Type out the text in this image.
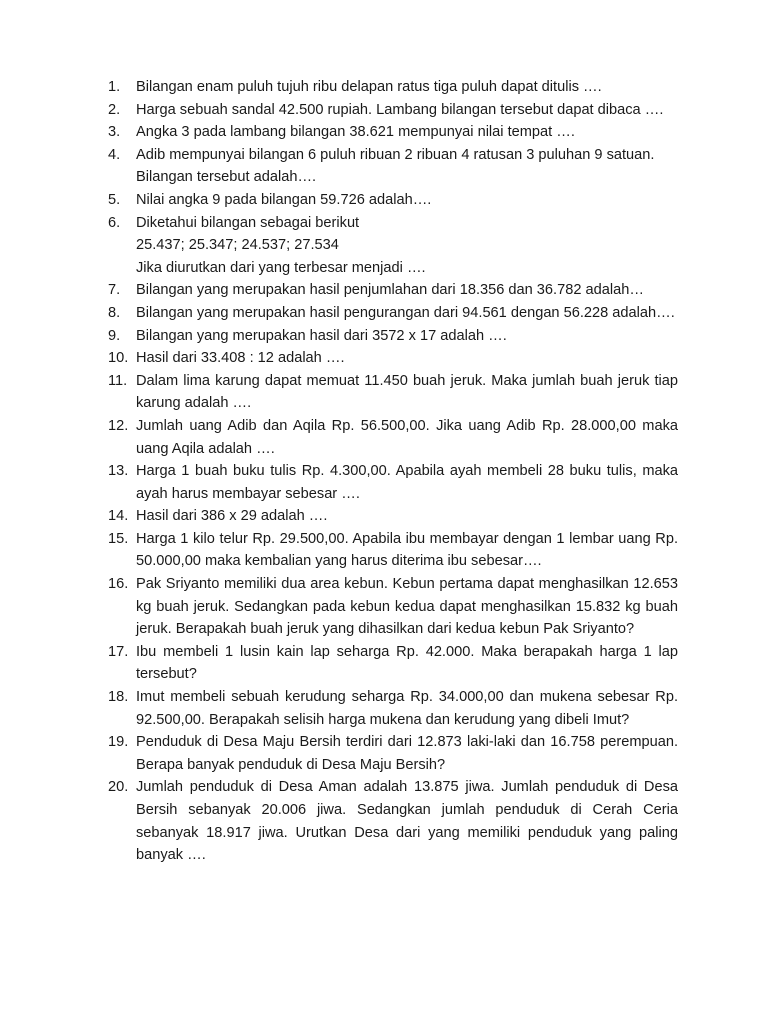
1.	Bilangan enam puluh tujuh ribu delapan ratus tiga puluh dapat ditulis ….
2.	Harga sebuah sandal 42.500 rupiah. Lambang bilangan tersebut dapat dibaca ….
3.	Angka 3 pada lambang bilangan 38.621 mempunyai nilai tempat ….
4.	Adib mempunyai bilangan 6 puluh ribuan 2 ribuan 4 ratusan 3 puluhan 9 satuan.
Bilangan tersebut adalah….
5.	Nilai angka 9 pada bilangan 59.726 adalah….
6.	Diketahui bilangan sebagai berikut
25.437; 25.347; 24.537; 27.534
Jika diurutkan dari yang terbesar menjadi ….
7.	Bilangan yang merupakan hasil penjumlahan dari 18.356 dan 36.782 adalah…
8.	Bilangan yang merupakan hasil pengurangan dari 94.561 dengan 56.228 adalah….
9.	Bilangan yang merupakan hasil dari 3572 x 17 adalah ….
10. Hasil dari 33.408 : 12 adalah ….
11. Dalam lima karung dapat memuat 11.450 buah jeruk. Maka jumlah buah jeruk tiap karung adalah ….
12. Jumlah uang Adib dan Aqila Rp. 56.500,00. Jika uang Adib Rp. 28.000,00 maka uang Aqila adalah ….
13. Harga 1 buah buku tulis Rp. 4.300,00. Apabila ayah membeli 28 buku tulis, maka ayah harus membayar sebesar ….
14. Hasil dari 386 x 29 adalah ….
15. Harga 1 kilo telur Rp. 29.500,00. Apabila ibu membayar dengan 1 lembar uang Rp. 50.000,00 maka kembalian yang harus diterima ibu sebesar….
16. Pak Sriyanto memiliki dua area kebun. Kebun pertama dapat menghasilkan 12.653 kg buah jeruk. Sedangkan pada kebun kedua dapat menghasilkan 15.832 kg buah jeruk. Berapakah buah jeruk yang dihasilkan dari kedua kebun Pak Sriyanto?
17. Ibu membeli 1 lusin kain lap seharga Rp. 42.000. Maka berapakah harga 1 lap tersebut?
18. Imut membeli sebuah kerudung seharga Rp. 34.000,00 dan mukena sebesar Rp. 92.500,00. Berapakah selisih harga mukena dan kerudung yang dibeli Imut?
19. Penduduk di Desa Maju Bersih terdiri dari 12.873 laki-laki dan 16.758 perempuan. Berapa banyak penduduk di Desa Maju Bersih?
20. Jumlah penduduk di Desa Aman adalah 13.875 jiwa. Jumlah penduduk di Desa Bersih sebanyak 20.006 jiwa. Sedangkan jumlah penduduk di Cerah Ceria sebanyak 18.917 jiwa. Urutkan Desa dari yang memiliki penduduk yang paling banyak ….
